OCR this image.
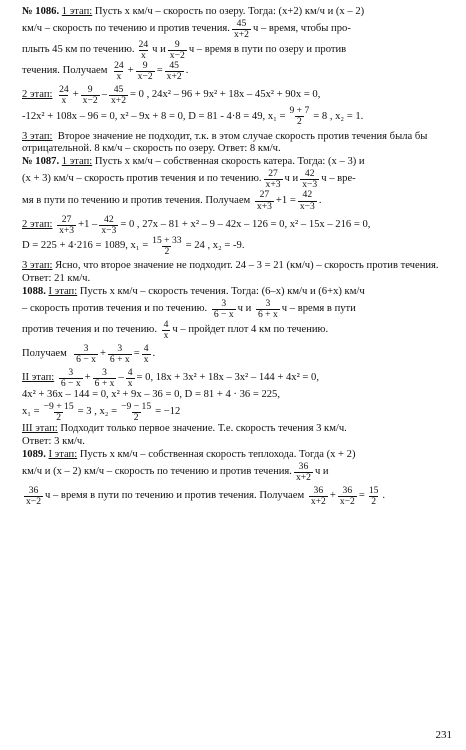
№ 1086.
1 этап:
Пусть x км/ч – скорость по озеру. Тогда: (x+2) км/ч и (x – 2)
км/ч – скорость по течению и против течения. 45
x+2
ч – время, чтобы про-
плыть 45 км по течению. 24
x
ч и 9
x−2
ч – время в пути по озеру и против
течения. Получаем
24
x
+ $\frac{9}{x-2} = \frac{45}{x+2}$ .
2 этап:
24
x
+ $\frac{9}{x-2} - \frac{45}{x+2} = 0$ , 24x² – 96 + 9x² + 18x – 45x² + 90x = 0,
-12x² + 108x – 96 = 0, x² – 9x + 8 = 0, D = 81 - 4·8 = 49, $x_1 = \frac{9 + 7}{2} = 8$ , x₂ = 1.

3 этап: Второе значение не подходит, т.к. в этом случае скорость против течения была бы отрицательной. 8 км/ч – скорость по озеру. Ответ: 8 км/ч.

№ 1087.
1 этап:
Пусть x км/ч – собственная скорость катера. Тогда: (x – 3) и
(x + 3) км/ч – скорость против течения и по течению. 27
x+3
ч и 42
x−3
ч – вре-
мя в пути по течению и против течения. Получаем
27
x+3
$+1 = \frac{42}{x-3}$ .
2 этап:
27
x+3
$+1 - \frac{42}{x-3} = 0$ , 27x – 81 + x² – 9 – 42x – 126 = 0, x² – 15x – 216 = 0,
D = 225 + 4·216 = 1089, $x_1 = \frac{15 + 33}{2} = 24$ , x₂ = -9.

3 этап: Ясно, что второе значение не подходит. 24 – 3 = 21 (км/ч) – скорость против течения. Ответ: 21 км/ч.

1088.
I этап:
Пусть x км/ч – скорость течения. Тогда: (6–x) км/ч и (6+x) км/ч
– скорость против течения и по течению.
3
6 − x
ч и
3
6 + x
ч – время в пути
против течения и по течению.
4
x
ч – пройдет плот 4 км по течению.
Получаем
3
6 − x
+ $\frac{3}{6 + x} = \frac{4}{x}$ .
II этап:
3
6 − x
+ $\frac{3}{6 + x} - \frac{4}{x} = 0$, 18x + 3x² + 18x – 3x² – 144 + 4x² = 0,
4x² + 36x – 144 = 0, x² + 9x – 36 = 0, D = 81 + 4 · 36 = 225,
$x_1 = \frac{-9 + 15}{2} = 3$ , $x_2 = \frac{-9 - 15}{2} = -12$
III этап:
Подходит только первое значение. Т.е. скорость течения 3 км/ч.
Ответ: 3 км/ч.
1089.
I этап:
Пусть x км/ч – собственная скорость теплохода. Тогда (x + 2)
км/ч и (x – 2) км/ч – скорость по течению и против течения. 36
x+2
ч и
36
x−2
ч – время в пути по течению и против течения. Получаем
36
x+2
+ $\frac{36}{x-2} = \frac{15}{2}$ .
231
